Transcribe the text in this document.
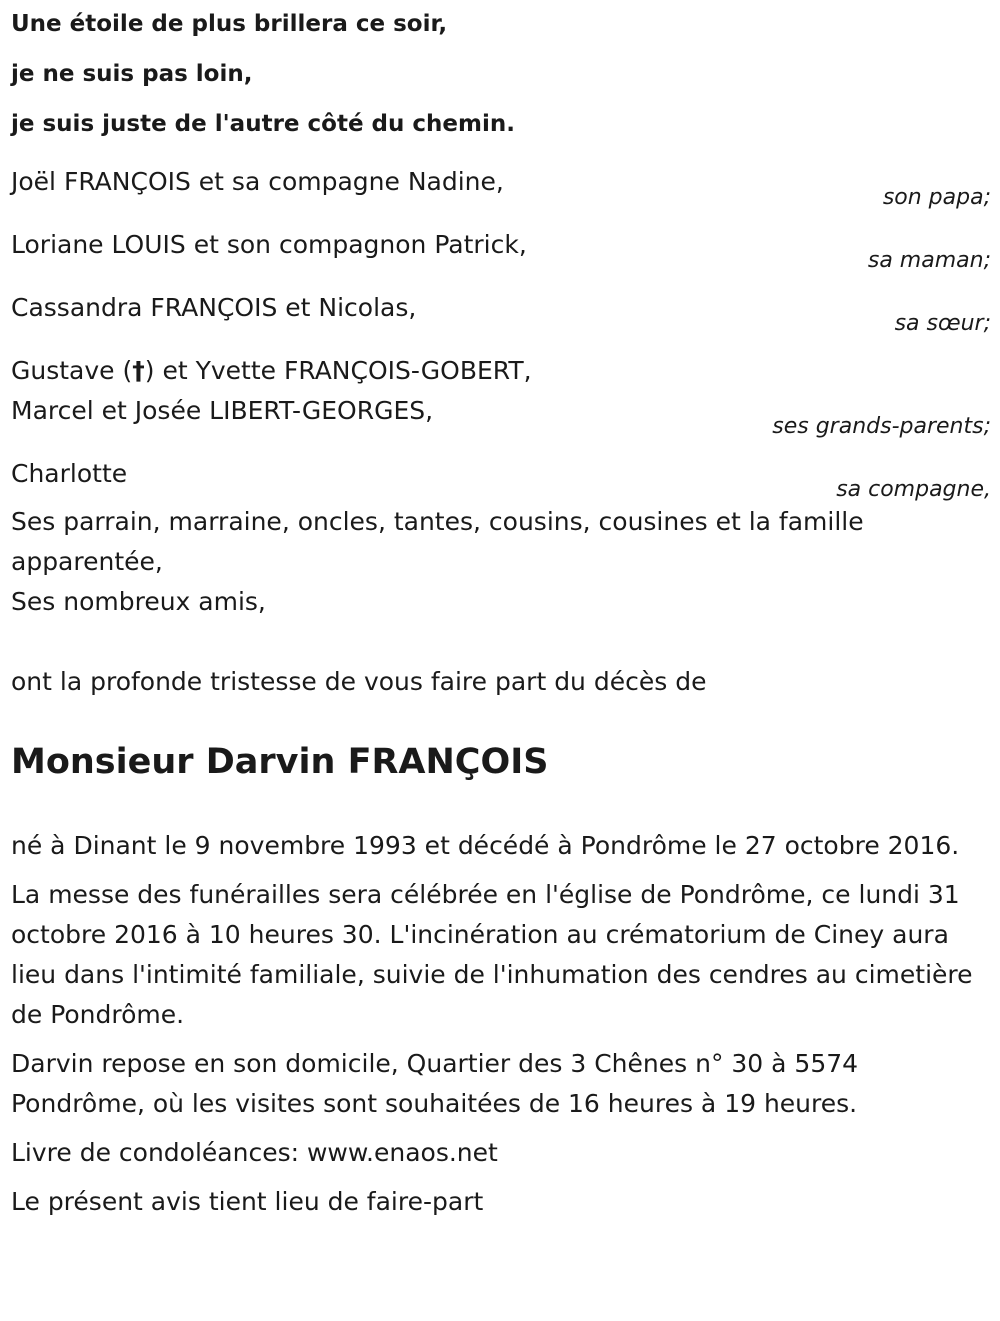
Une étoile de plus brillera ce soir,
je ne suis pas loin,
je suis juste de l'autre côté du chemin.
Joël FRANÇOIS et sa compagne Nadine,
son papa;
Loriane LOUIS et son compagnon Patrick,
sa maman;
Cassandra FRANÇOIS et Nicolas,
sa sœur;
Gustave (†) et Yvette FRANÇOIS-GOBERT,
Marcel et Josée LIBERT-GEORGES,
ses grands-parents;
Charlotte
sa compagne,
Ses parrain, marraine, oncles, tantes, cousins, cousines et la famille apparentée,
Ses nombreux amis,
ont la profonde tristesse de vous faire part du décès de
Monsieur Darvin FRANÇOIS
né à Dinant le 9 novembre 1993 et décédé à Pondrôme le 27 octobre 2016.
La messe des funérailles sera célébrée en l'église de Pondrôme, ce lundi 31 octobre 2016 à 10 heures 30. L'incinération au crématorium de Ciney aura lieu dans l'intimité familiale, suivie de l'inhumation des cendres au cimetière de Pondrôme.
Darvin repose en son domicile, Quartier des 3 Chênes n° 30 à 5574 Pondrôme, où les visites sont souhaitées de 16 heures à 19 heures.
Livre de condoléances: www.enaos.net
Le présent avis tient lieu de faire-part
